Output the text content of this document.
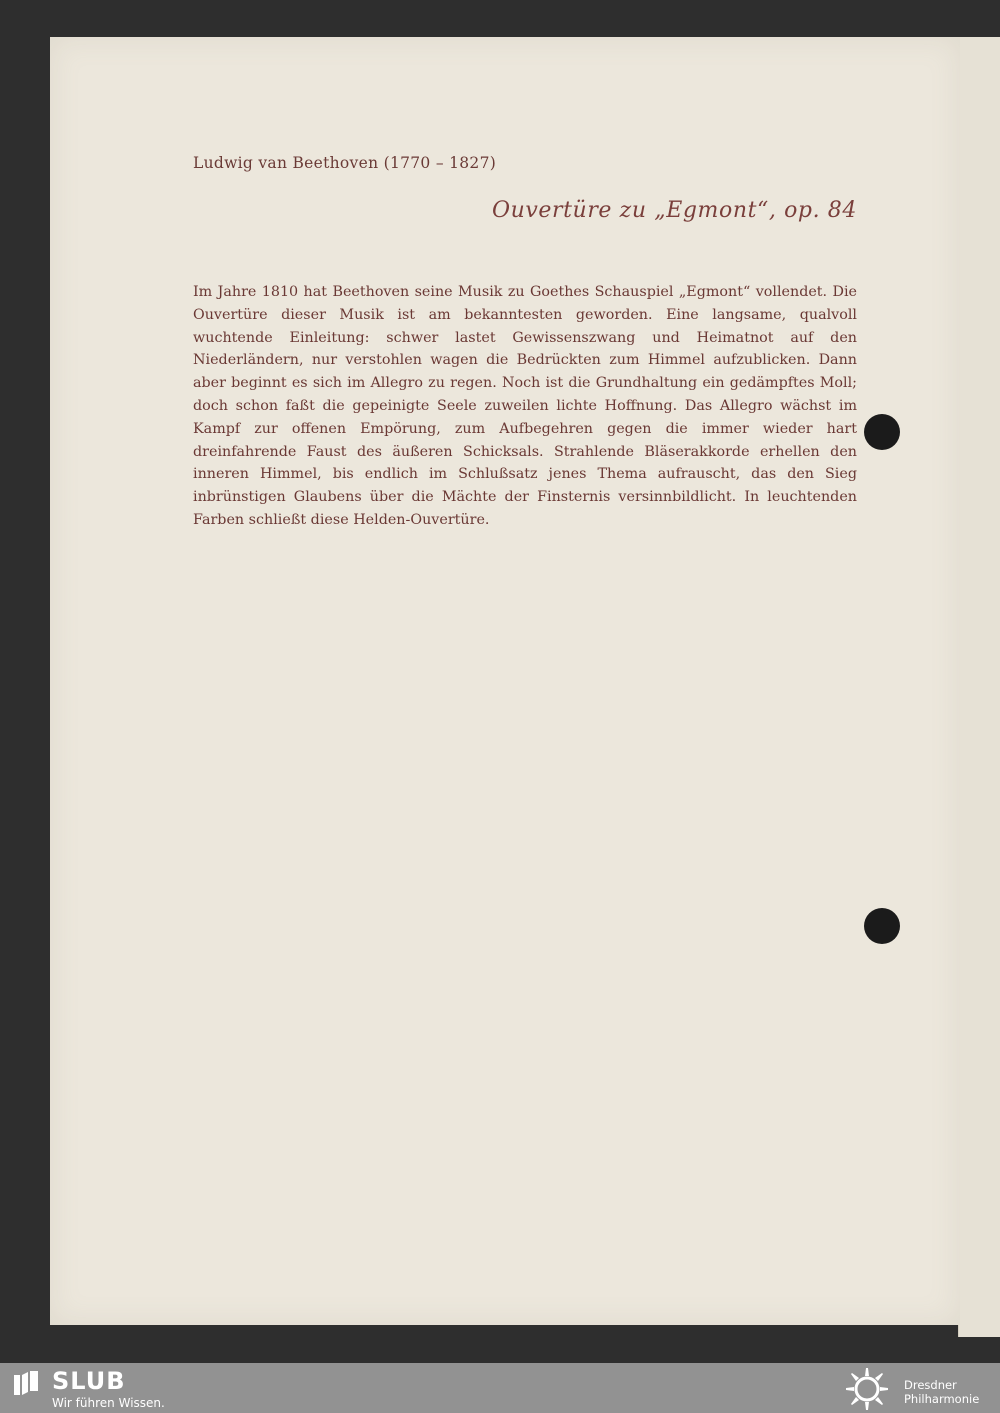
Ludwig van Beethoven (1770 – 1827)
Ouvertüre zu „Egmont“, op. 84
Im Jahre 1810 hat Beethoven seine Musik zu Goethes Schauspiel „Egmont“ vollendet. Die Ouvertüre dieser Musik ist am bekanntesten geworden. Eine langsame, qualvoll wuchtende Einleitung: schwer lastet Gewissenszwang und Heimatnot auf den Niederländern, nur verstohlen wagen die Bedrückten zum Himmel aufzublicken. Dann aber beginnt es sich im Allegro zu regen. Noch ist die Grundhaltung ein gedämpftes Moll; doch schon faßt die gepeinigte Seele zuweilen lichte Hoffnung. Das Allegro wächst im Kampf zur offenen Empörung, zum Aufbegehren gegen die immer wieder hart dreinfahrende Faust des äußeren Schicksals. Strahlende Bläserakkorde erhellen den inneren Himmel, bis endlich im Schlußsatz jenes Thema aufrauscht, das den Sieg inbrünstigen Glaubens über die Mächte der Finsternis versinnbildlicht. In leuchtenden Farben schließt diese Helden-Ouvertüre.
SLUB
Wir führen Wissen.
Dresdner
Philharmonie
